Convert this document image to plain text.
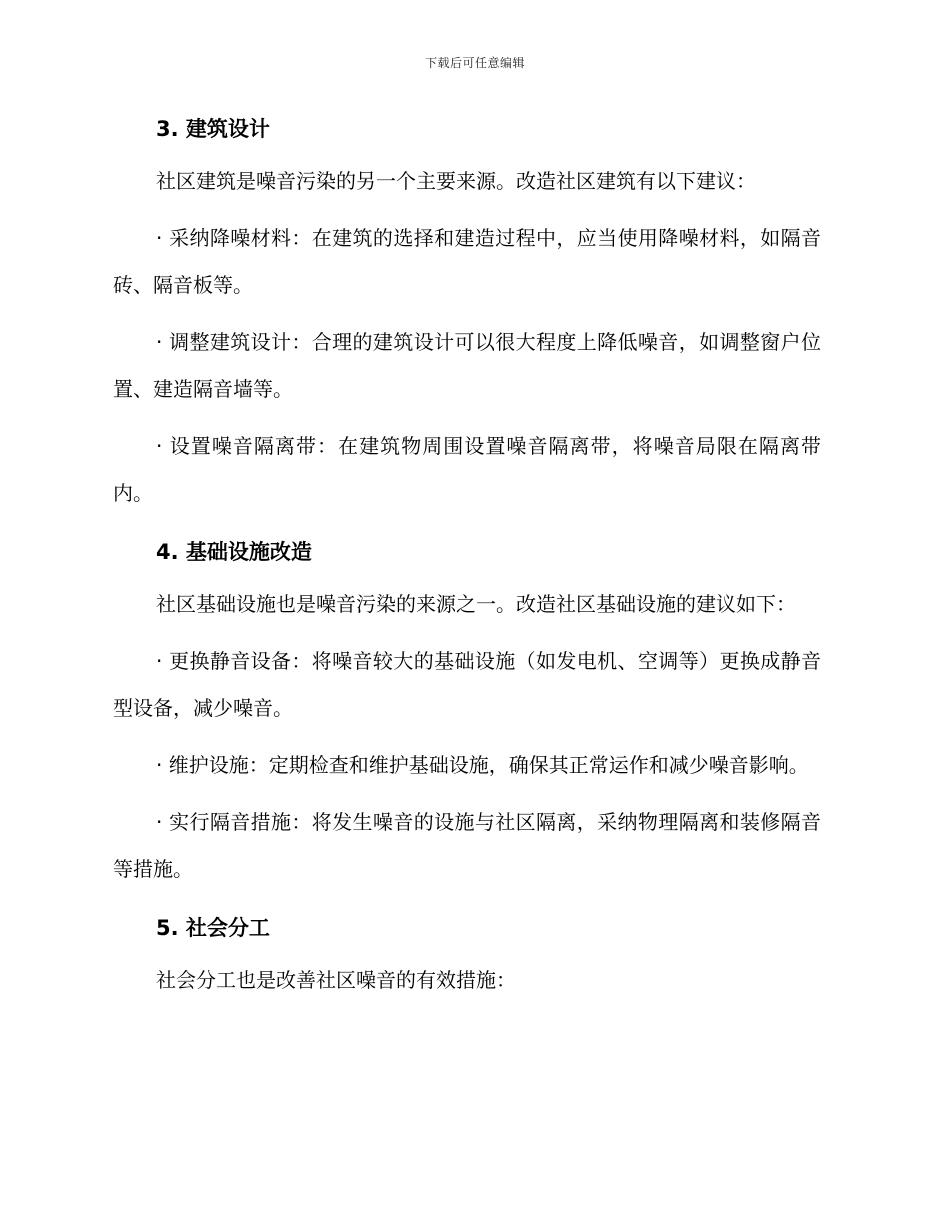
下载后可任意编辑
3. 建筑设计

社区建筑是噪音污染的另一个主要来源。改造社区建筑有以下建议：

· 采纳降噪材料：在建筑的选择和建造过程中，应当使用降噪材料，如隔音砖、隔音板等。

· 调整建筑设计：合理的建筑设计可以很大程度上降低噪音，如调整窗户位置、建造隔音墙等。

· 设置噪音隔离带：在建筑物周围设置噪音隔离带，将噪音局限在隔离带内。

4. 基础设施改造

社区基础设施也是噪音污染的来源之一。改造社区基础设施的建议如下：

· 更换静音设备：将噪音较大的基础设施（如发电机、空调等）更换成静音型设备，减少噪音。

· 维护设施：定期检查和维护基础设施，确保其正常运作和减少噪音影响。

· 实行隔音措施：将发生噪音的设施与社区隔离，采纳物理隔离和装修隔音等措施。

5. 社会分工

社会分工也是改善社区噪音的有效措施：
